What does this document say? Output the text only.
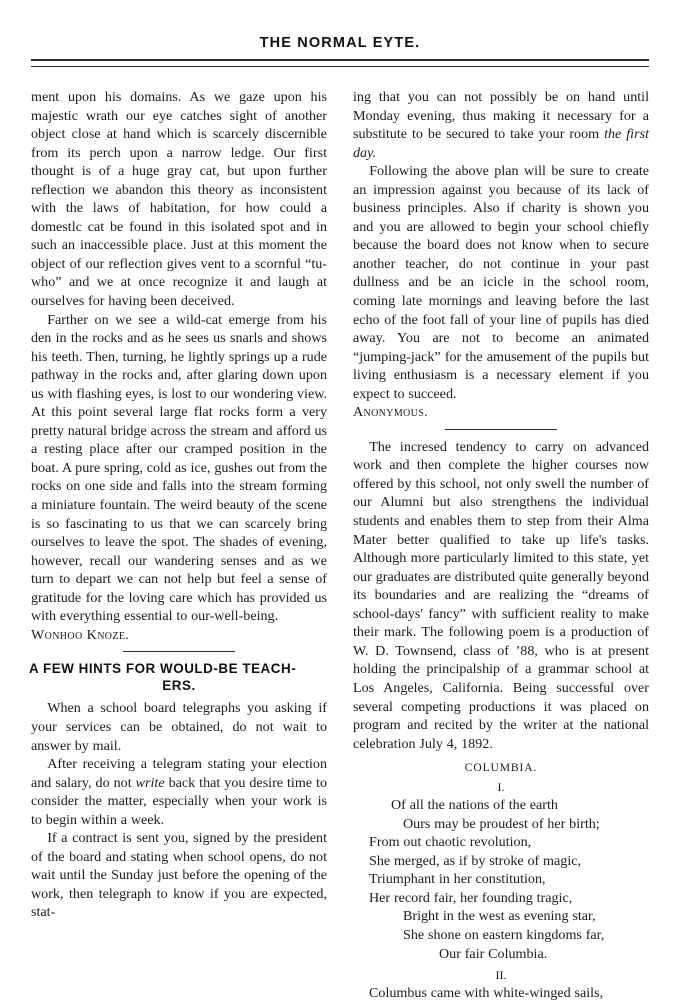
THE NORMAL EYTE.

ment upon his domains. As we gaze upon his majestic wrath our eye catches sight of another object close at hand which is scarcely discernible from its perch upon a narrow ledge. Our first thought is of a huge gray cat, but upon further reflection we abandon this theory as inconsistent with the laws of habitation, for how could a domestlc cat be found in this isolated spot and in such an inaccessible place. Just at this moment the object of our reflection gives vent to a scornful “tu-who” and we at once recognize it and laugh at ourselves for having been deceived.

Farther on we see a wild-cat emerge from his den in the rocks and as he sees us snarls and shows his teeth. Then, turning, he lightly springs up a rude pathway in the rocks and, after glaring down upon us with flashing eyes, is lost to our wondering view. At this point several large flat rocks form a very pretty natural bridge across the stream and afford us a resting place after our cramped position in the boat. A pure spring, cold as ice, gushes out from the rocks on one side and falls into the stream forming a miniature fountain. The weird beauty of the scene is so fascinating to us that we can scarcely bring ourselves to leave the spot. The shades of evening, however, recall our wandering senses and as we turn to depart we can not help but feel a sense of gratitude for the loving care which has provided us with everything essential to our-well-being.

Wonhoo Knoze.

A FEW HINTS FOR WOULD-BE TEACH-
ERS.

When a school board telegraphs you asking if your services can be obtained, do not wait to answer by mail.

After receiving a telegram stating your election and salary, do not write back that you desire time to consider the matter, especially when your work is to begin within a week.

If a contract is sent you, signed by the president of the board and stating when school opens, do not wait until the Sunday just before the opening of the work, then telegraph to know if you are expected, stat-

ing that you can not possibly be on hand until Monday evening, thus making it necessary for a substitute to be secured to take your room the first day.

Following the above plan will be sure to create an impression against you because of its lack of business principles. Also if charity is shown you and you are allowed to begin your school chiefly because the board does not know when to secure another teacher, do not continue in your past dullness and be an icicle in the school room, coming late mornings and leaving before the last echo of the foot fall of your line of pupils has died away. You are not to become an animated “jumping-jack” for the amusement of the pupils but living enthusiasm is a necessary element if you expect to succeed.

Anonymous.

The incresed tendency to carry on advanced work and then complete the higher courses now offered by this school, not only swell the number of our Alumni but also strengthens the individual students and enables them to step from their Alma Mater better qualified to take up life's tasks. Although more particularly limited to this state, yet our graduates are distributed quite generally beyond its boundaries and are realizing the “dreams of school-days' fancy” with sufficient reality to make their mark. The following poem is a production of W. D. Townsend, class of ’88, who is at present holding the principalship of a grammar school at Los Angeles, California. Being successful over several competing productions it was placed on program and recited by the writer at the national celebration July 4, 1892.

COLUMBIA.
I.

Of all the nations of the earth

Ours may be proudest of her birth;

From out chaotic revolution,

She merged, as if by stroke of magic,

Triumphant in her constitution,

Her record fair, her founding tragic,

Bright in the west as evening star,

She shone on eastern kingdoms far,

Our fair Columbia.

II.

Columbus came with white-winged sails,
